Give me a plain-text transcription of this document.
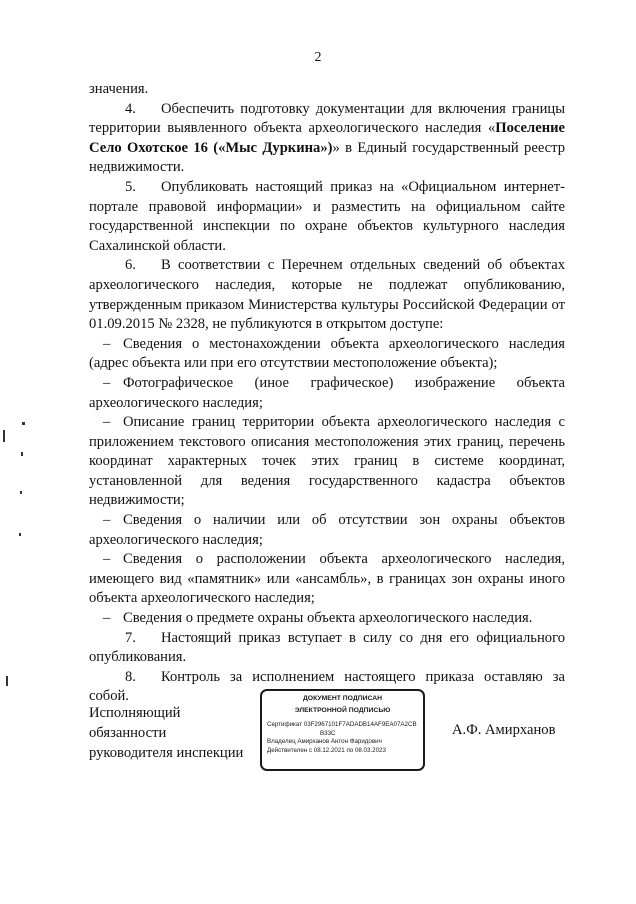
2

значения.

4. Обеспечить подготовку документации для включения границы территории выявленного объекта археологического наследия «Поселение Село Охотское 16 («Мыс Дуркина»)» в Единый государственный реестр недвижимости.

5. Опубликовать настоящий приказ на «Официальном интернет-портале правовой информации» и разместить на официальном сайте государственной инспекции по охране объектов культурного наследия Сахалинской области.

6. В соответствии с Перечнем отдельных сведений об объектах археологического наследия, которые не подлежат опубликованию, утвержденным приказом Министерства культуры Российской Федерации от 01.09.2015 № 2328, не публикуются в открытом доступе:

– Сведения о местонахождении объекта археологического наследия (адрес объекта или при его отсутствии местоположение объекта);

– Фотографическое (иное графическое) изображение объекта археологического наследия;

– Описание границ территории объекта археологического наследия с приложением текстового описания местоположения этих границ, перечень координат характерных точек этих границ в системе координат, установленной для ведения государственного кадастра объектов недвижимости;

– Сведения о наличии или об отсутствии зон охраны объектов археологического наследия;

– Сведения о расположении объекта археологического наследия, имеющего вид «памятник» или «ансамбль», в границах зон охраны иного объекта археологического наследия;

– Сведения о предмете охраны объекта археологического наследия.

7. Настоящий приказ вступает в силу со дня его официального опубликования.

8. Контроль за исполнением настоящего приказа оставляю за собой.

Исполняющий
обязанности
руководителя инспекции
ДОКУМЕНТ ПОДПИСАН
ЭЛЕКТРОННОЙ ПОДПИСЬЮ
Сертификат 03F2967101F7ADADB14AF9EA07A2CB
B33C
Владелец Амирханов Антон Фаридович
Действителен с 08.12.2021 по 08.03.2023
А.Ф. Амирханов
